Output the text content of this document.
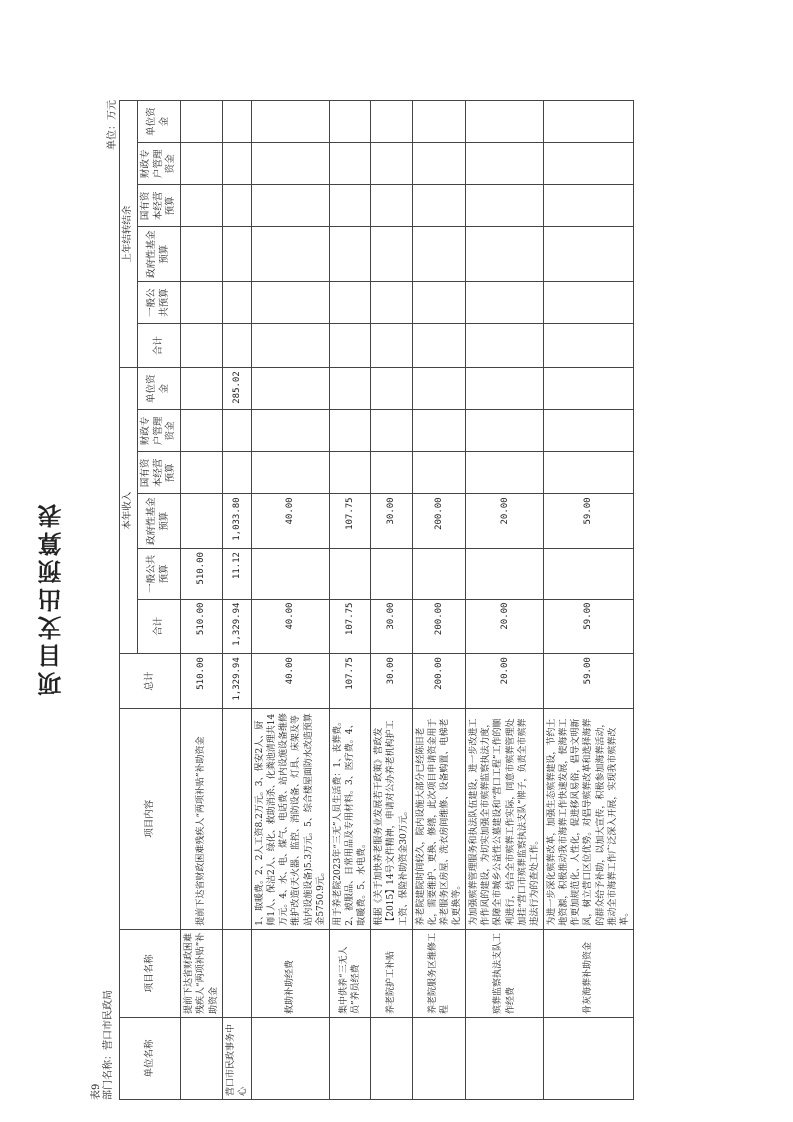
项目支出预算表
表9 部门名称：营口市民政局
单位：万元
单位名称	项目名称	项目内容	总计	本年收入						上年结转结余					
				合计	一般公共预算	政府性基金预算	国有资本经营预算	财政专户管理资金	单位资金	合计	一般公共预算	政府性基金预算	国有资本经营预算	财政专户管理资金	单位资金
	提前下达省财政困难残疾人“两项补贴”补助资金	提前下达省财政困难残疾人“两项补贴”补助资金	510.00	510.00	510.00										
营口市民政事务中心			1,329.94	1,329.94	11.12	1,033.80			285.02						
	救助补助经费	1、取暖费。2、2人工资8.2万元。3、保安2人、厨师1人、保洁2人、绿化、救助消杀、化粪池清理共14万元。4、水、电、煤气、电话费、站内设施设备维修维护改造(天火器、监控、消防设备、灯具、床架及等站内设施设备)5.3万元。5、综合楼屋面防水改造预算金5750.9元。	40.00	40.00		40.00									
	集中供养“三无人员”养员经费	用于养老院2023年“三无”人员生活费：1、丧葬费。2、被服品、日常用品及专用材料。3、医疗费。4、取暖费。5、水电费。	107.75	107.75		107.75									
	养老院护工补贴	根据《关于加快养老服务业发展若干政策》营政发【2015】14号文件精神，申请对公办养老机构护工工资、保险补助资金30万元。	30.00	30.00		30.00									
	养老院服务区维修工程	养老院建院时间较久，院内设施大部分已经陈旧老化，需要维护、更换、修缮，此次项目申请资金用于养老服务区房屋、洗衣房间维修、设备购置、电梯老化更换等。	200.00	200.00		200.00									
	殡葬监察执法支队工作经费	为加强殡葬管理服务和执法队伍建设，进一步改进工作作风的建设，为切实加强全市殡葬监察执法力度，保障全市城乡公益性公墓建设和“营口工程”工作的顺利进行，结合全市殡葬工作实际，同意市殡葬管理处加挂“营口市殡葬监察执法支队”牌子，负责全市殡葬违法行为的查处工作。	20.00	20.00		20.00									
	骨灰海葬补助资金	为进一步深化殡葬改革，加强生态殡葬建设，节约土地资源，积极推动我市海葬工作快速发展，使海葬工作更加规范化、人性化，促进移风易俗，倡导文明新风，树立营口区位优势。对倡导殡葬改革和选择海葬的群众给予补助，以加大宣传，积极参加海葬活动，推动全市海葬工作广泛深入开展，实现我市殡葬改革。	59.00	59.00		59.00									
